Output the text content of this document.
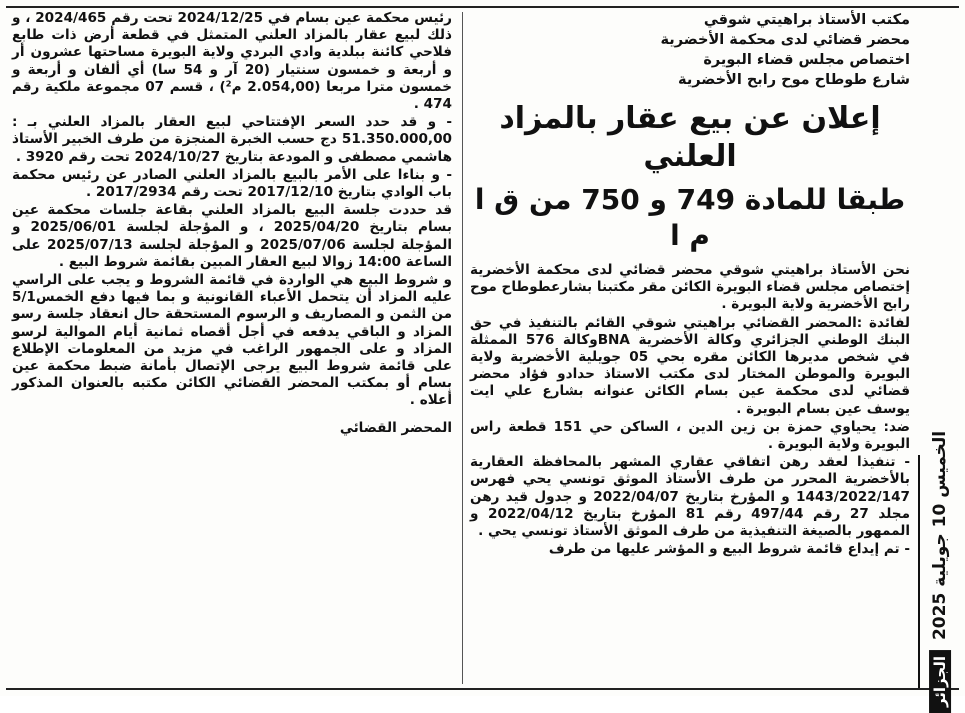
مكتب الأستاذ براهيتي شوقي
محضر قضائي لدى محكمة الأخضرية
اختصاص مجلس قضاء البويرة
شارع طوطاح موح رابح الأخضرية
إعلان عن بيع عقار بالمزاد العلني
طبقا للمادة 749 و 750 من ق ا م ا

نحن الأستاذ براهيتي شوقي محضر قضائي لدى محكمة الأخضرية إختصاص مجلس قضاء البويرة الكائن مقر مكتبنا بشارعطوطاح موح رابح الأخضرية ولاية البويرة .

لفائدة :المحضر القضائي براهيتي شوقي القائم بالتنفيذ في حق البنك الوطني الجزائري وكالة الأخضرية BNAوكالة 576 الممثلة في شخص مديرها الكائن مقره بحي 05 جويلية الأخضرية ولاية البويرة والموطن المختار لدى مكتب الاستاذ حدادو فؤاد محضر قضائي لدى محكمة عين بسام الكائن عنوانه بشارع علي ايت يوسف عين بسام البويرة .

ضد: يحياوي حمزة بن زين الدين ، الساكن حي 151 قطعة راس البويرة ولاية البويرة .

- تنفيذا لعقد رهن اتفاقي عقاري المشهر بالمحافظة العقارية بالأخضرية المحرر من طرف الأستاذ الموثق تونسي يحي فهرس 1443/2022/147 و المؤرخ بتاريخ 2022/04/07 و جدول قيد رهن مجلد 27 رقم 497/44 رقم 81 المؤرخ بتاريخ 2022/04/12 و الممهور بالصيغة التنفيذية من طرف الموثق الأستاذ تونسي يحي .

- تم إيداع قائمة شروط البيع و المؤشر عليها من طرف

رئيس محكمة عين بسام في 2024/12/25 تحت رقم 2024/465 ، و ذلك لبيع عقار بالمزاد العلني المتمثل في قطعة أرض ذات طابع فلاحي كائنة ببلدية وادي البردي ولاية البويرة مساحتها عشرون أر و أربعة و خمسون سنتيار (20 آر و 54 سا) أي ألفان و أربعة و خمسون مترا مربعا (2.054,00 م²) ، قسم 07 مجموعة ملكية رقم 474 .

- و قد حدد السعر الإفتتاحي لبيع العقار بالمزاد العلني بـ : 51.350.000,00 دج حسب الخبرة المنجزة من طرف الخبير الأستاذ هاشمي مصطفى و المودعة بتاريخ 2024/10/27 تحت رقم 3920 .

- و بناءا على الأمر بالبيع بالمزاد العلني الصادر عن رئيس محكمة باب الوادي بتاريخ 2017/12/10 تحت رقم 2017/2934 .

قد حددت جلسة البيع بالمزاد العلني بقاعة جلسات محكمة عين بسام بتاريخ 2025/04/20 ، و المؤجلة لجلسة 2025/06/01 و المؤجلة لجلسة 2025/07/06 و المؤجلة لجلسة 2025/07/13 على الساعة 14:00 زوالا لبيع العقار المبين بقائمة شروط البيع .

و شروط البيع هي الواردة في قائمة الشروط و يجب على الراسي عليه المزاد أن يتحمل الأعباء القانونية و بما فيها دفع الخمس5/1 من الثمن و المصاريف و الرسوم المستحقة حال انعقاد جلسة رسو المزاد و الباقي يدفعه في أجل أقصاه ثمانية أيام الموالية لرسو المزاد و على الجمهور الراغب في مزيد من المعلومات الإطلاع على قائمة شروط البيع يرجى الإتصال بأمانة ضبط محكمة عين بسام أو بمكتب المحضر القضائي الكائن مكتبه بالعنوان المذكور أعلاه .

المحضر القضائي
الجزائر
الخميس 10 جويلية 2025
